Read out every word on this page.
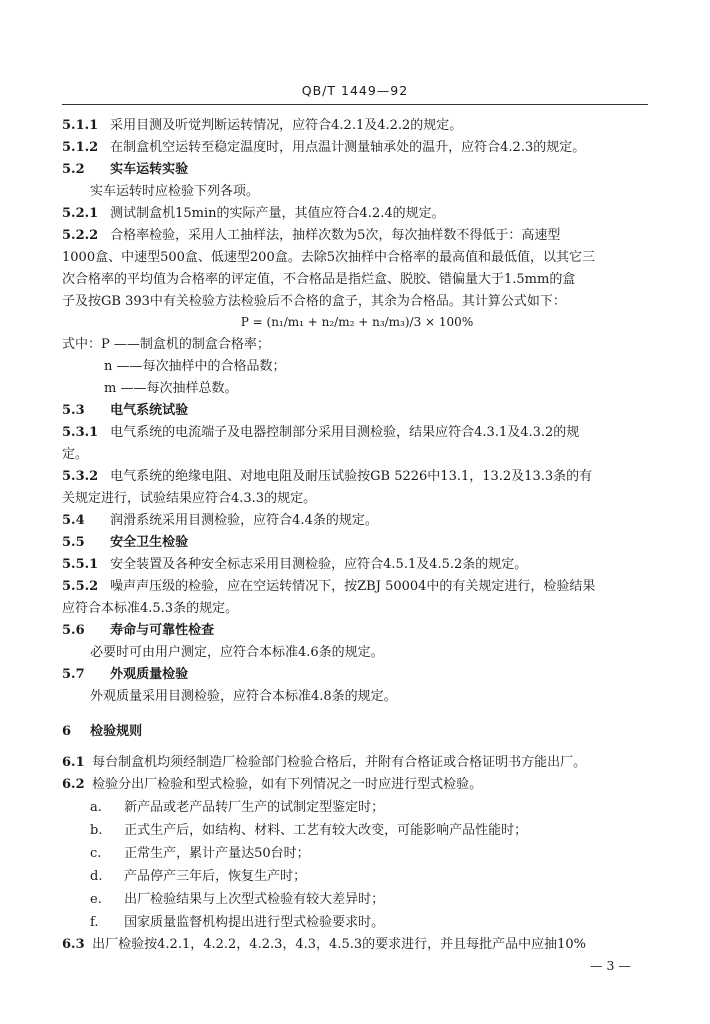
QB/T 1449—92
5.1.1 采用目测及听觉判断运转情况，应符合4.2.1及4.2.2的规定。
5.1.2 在制盒机空运转至稳定温度时，用点温计测量轴承处的温升，应符合4.2.3的规定。
5.2 实车运转实验
实车运转时应检验下列各项。
5.2.1 测试制盒机15min的实际产量，其值应符合4.2.4的规定。
5.2.2 合格率检验，采用人工抽样法，抽样次数为5次，每次抽样数不得低于：高速型
1000盒、中速型500盒、低速型200盒。去除5次抽样中合格率的最高值和最低值，以其它三
次合格率的平均值为合格率的评定值，不合格品是指烂盒、脱胶、错偏量大于1.5mm的盒
子及按GB 393中有关检验方法检验后不合格的盒子，其余为合格品。其计算公式如下：
P = (n₁/m₁ + n₂/m₂ + n₃/m₃)/3 × 100%
式中：P ——制盒机的制盒合格率；
n ——每次抽样中的合格品数；
m ——每次抽样总数。
5.3 电气系统试验
5.3.1 电气系统的电流端子及电器控制部分采用目测检验，结果应符合4.3.1及4.3.2的规
定。
5.3.2 电气系统的绝缘电阻、对地电阻及耐压试验按GB 5226中13.1，13.2及13.3条的有
关规定进行，试验结果应符合4.3.3的规定。
5.4 润滑系统采用目测检验，应符合4.4条的规定。
5.5 安全卫生检验
5.5.1 安全装置及各种安全标志采用目测检验，应符合4.5.1及4.5.2条的规定。
5.5.2 噪声声压级的检验，应在空运转情况下，按ZBJ 50004中的有关规定进行，检验结果
应符合本标准4.5.3条的规定。
5.6 寿命与可靠性检查
必要时可由用户测定，应符合本标准4.6条的规定。
5.7 外观质量检验
外观质量采用目测检验，应符合本标准4.8条的规定。
6 检验规则
6.1 每台制盒机均须经制造厂检验部门检验合格后，并附有合格证或合格证明书方能出厂。
6.2 检验分出厂检验和型式检验，如有下列情况之一时应进行型式检验。
a. 新产品或老产品转厂生产的试制定型鉴定时；
b. 正式生产后，如结构、材料、工艺有较大改变，可能影响产品性能时；
c. 正常生产，累计产量达50台时；
d. 产品停产三年后，恢复生产时；
e. 出厂检验结果与上次型式检验有较大差异时；
f. 国家质量监督机构提出进行型式检验要求时。
6.3 出厂检验按4.2.1，4.2.2，4.2.3，4.3，4.5.3的要求进行，并且每批产品中应抽10%
— 3 —
